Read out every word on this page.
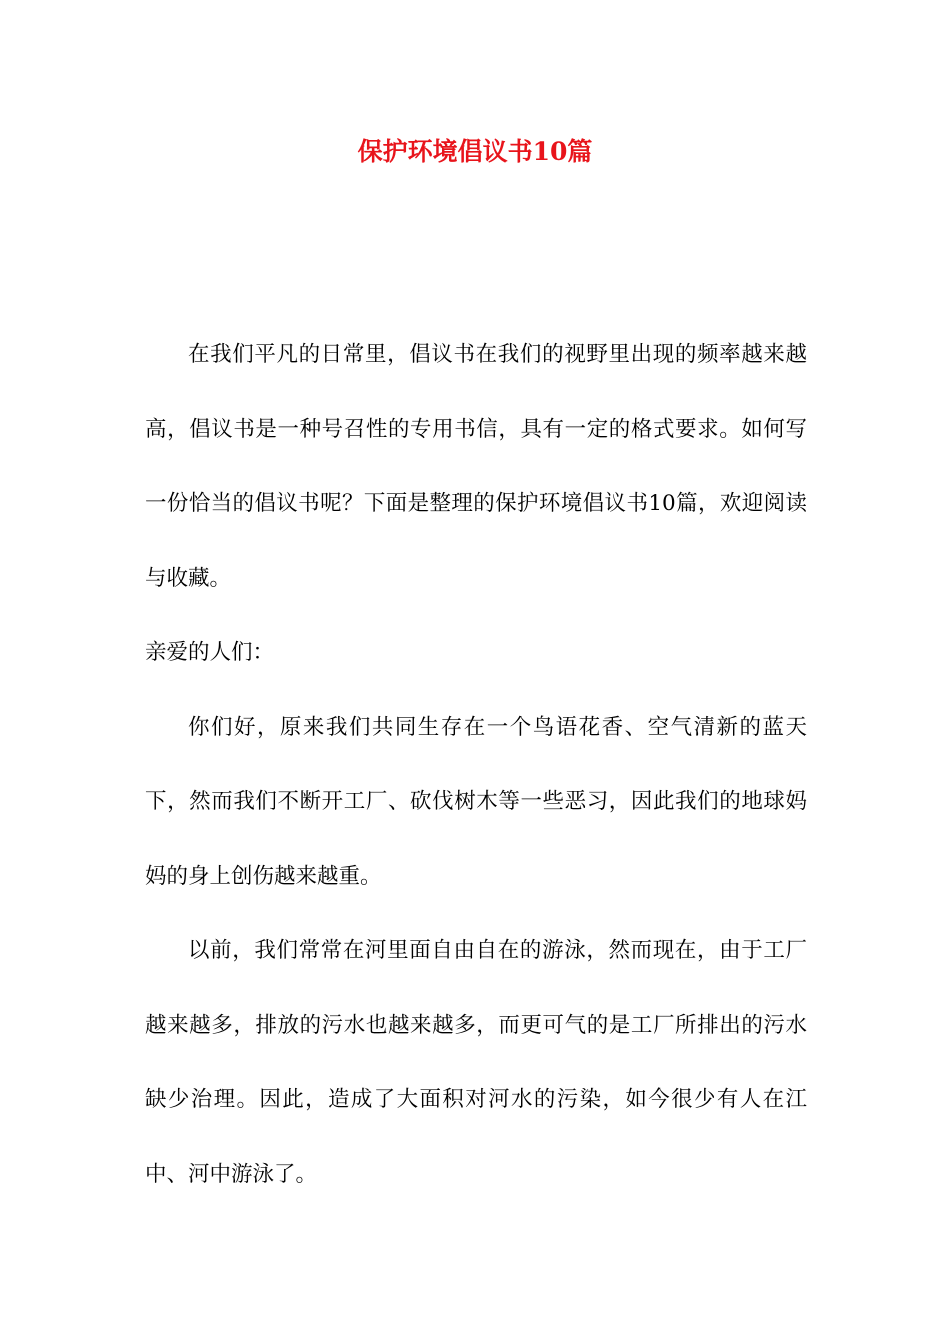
保护环境倡议书10篇

在我们平凡的日常里，倡议书在我们的视野里出现的频率越来越高，倡议书是一种号召性的专用书信，具有一定的格式要求。如何写一份恰当的倡议书呢？下面是整理的保护环境倡议书10篇，欢迎阅读与收藏。

亲爱的人们：

你们好，原来我们共同生存在一个鸟语花香、空气清新的蓝天下，然而我们不断开工厂、砍伐树木等一些恶习，因此我们的地球妈妈的身上创伤越来越重。

以前，我们常常在河里面自由自在的游泳，然而现在，由于工厂越来越多，排放的污水也越来越多，而更可气的是工厂所排出的污水缺少治理。因此，造成了大面积对河水的污染，如今很少有人在江中、河中游泳了。
